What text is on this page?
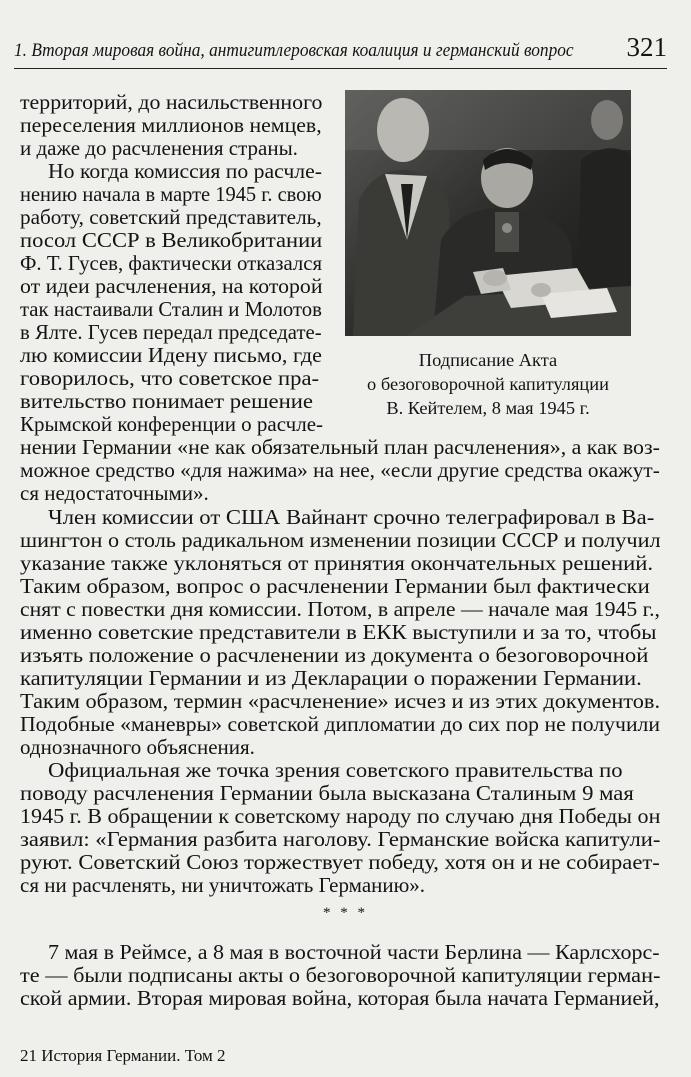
1. Вторая мировая война, антигитлеровская коалиция и германский вопрос 321
Подписание Акта
о безоговорочной капитуляции
В. Кейтелем, 8 мая 1945 г.
территорий, до насильственного
переселения миллионов немцев,
и даже до расчленения страны.
Но когда комиссия по расчле-
нению начала в марте 1945 г. свою
работу, советский представитель,
посол СССР в Великобритании
Ф. Т. Гусев, фактически отказался
от идеи расчленения, на которой
так настаивали Сталин и Молотов
в Ялте. Гусев передал председате-
лю комиссии Идену письмо, где
говорилось, что советское пра-
вительство понимает решение
Крымской конференции о расчле-
нении Германии «не как обязательный план расчленения», а как воз-
можное средство «для нажима» на нее, «если другие средства окажут-
ся недостаточными».
Член комиссии от США Вайнант срочно телеграфировал в Ва-
шингтон о столь радикальном изменении позиции СССР и получил
указание также уклоняться от принятия окончательных решений.
Таким образом, вопрос о расчленении Германии был фактически
снят с повестки дня комиссии. Потом, в апреле — начале мая 1945 г.,
именно советские представители в ЕКК выступили и за то, чтобы
изъять положение о расчленении из документа о безоговорочной
капитуляции Германии и из Декларации о поражении Германии.
Таким образом, термин «расчленение» исчез и из этих документов.
Подобные «маневры» советской дипломатии до сих пор не получили
однозначного объяснения.
Официальная же точка зрения советского правительства по
поводу расчленения Германии была высказана Сталиным 9 мая
1945 г. В обращении к советскому народу по случаю дня Победы он
заявил: «Германия разбита наголову. Германские войска капитули-
руют. Советский Союз торжествует победу, хотя он и не собирает-
ся ни расчленять, ни уничтожать Германию».
* * *
7 мая в Реймсе, а 8 мая в восточной части Берлина — Карлсхорс-
те — были подписаны акты о безоговорочной капитуляции герман-
ской армии. Вторая мировая война, которая была начата Германией,
21 История Германии. Том 2
